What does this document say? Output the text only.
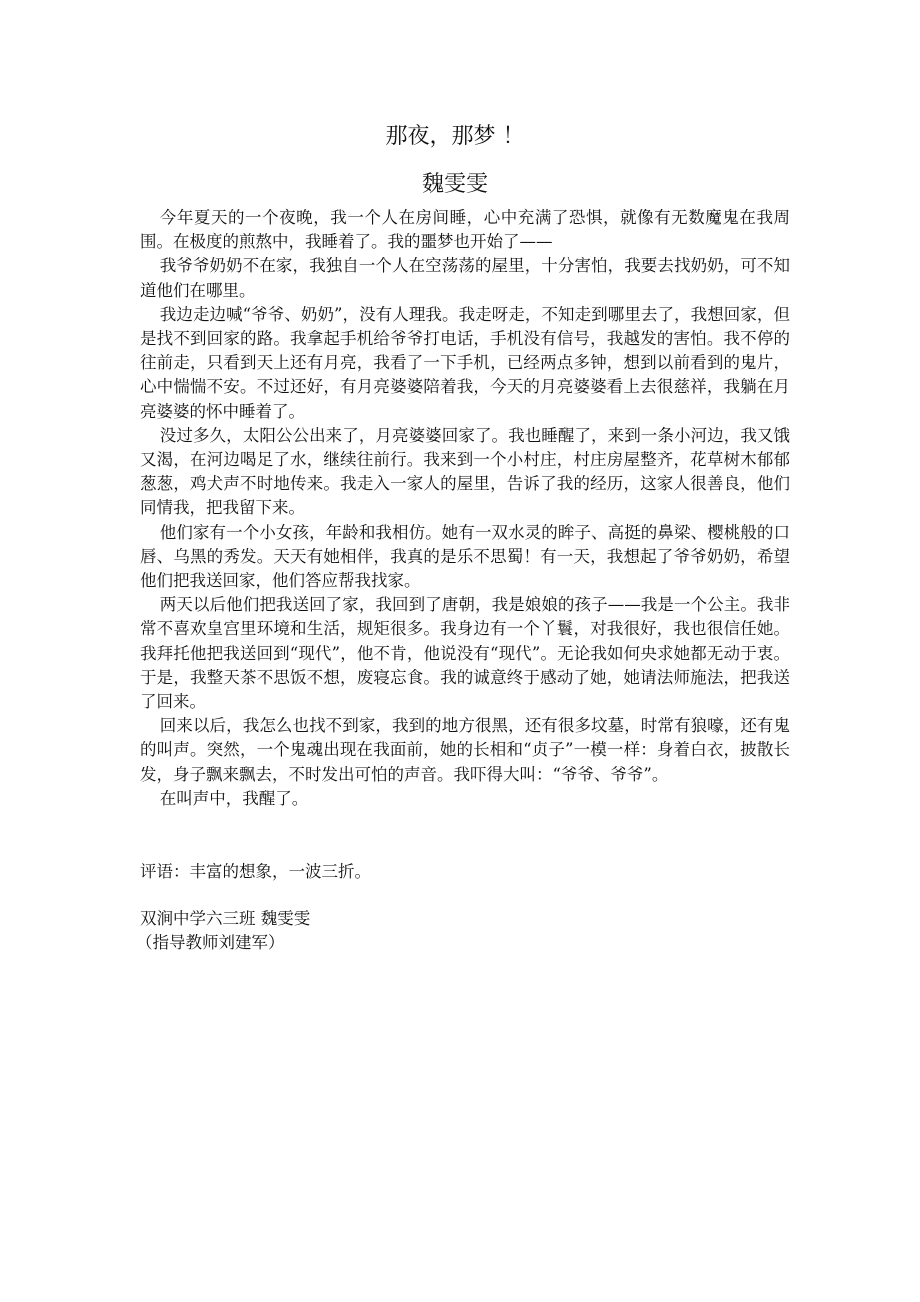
那夜，那梦 ！
魏雯雯

今年夏天的一个夜晚，我一个人在房间睡，心中充满了恐惧，就像有无数魔鬼在我周围。在极度的煎熬中，我睡着了。我的噩梦也开始了——

我爷爷奶奶不在家，我独自一个人在空荡荡的屋里，十分害怕，我要去找奶奶，可不知道他们在哪里。

我边走边喊“爷爷、奶奶”，没有人理我。我走呀走，不知走到哪里去了，我想回家，但是找不到回家的路。我拿起手机给爷爷打电话，手机没有信号，我越发的害怕。我不停的往前走，只看到天上还有月亮，我看了一下手机，已经两点多钟，想到以前看到的鬼片，心中惴惴不安。不过还好，有月亮婆婆陪着我，今天的月亮婆婆看上去很慈祥，我躺在月亮婆婆的怀中睡着了。

没过多久，太阳公公出来了，月亮婆婆回家了。我也睡醒了，来到一条小河边，我又饿又渴，在河边喝足了水，继续往前行。我来到一个小村庄，村庄房屋整齐，花草树木郁郁葱葱，鸡犬声不时地传来。我走入一家人的屋里，告诉了我的经历，这家人很善良，他们同情我，把我留下来。

他们家有一个小女孩，年龄和我相仿。她有一双水灵的眸子、高挺的鼻梁、樱桃般的口唇、乌黑的秀发。天天有她相伴，我真的是乐不思蜀！有一天，我想起了爷爷奶奶，希望他们把我送回家，他们答应帮我找家。

两天以后他们把我送回了家，我回到了唐朝，我是娘娘的孩子——我是一个公主。我非常不喜欢皇宫里环境和生活，规矩很多。我身边有一个丫鬟，对我很好，我也很信任她。我拜托他把我送回到“现代”，他不肯，他说没有“现代”。无论我如何央求她都无动于衷。于是，我整天茶不思饭不想，废寝忘食。我的诚意终于感动了她，她请法师施法，把我送了回来。

回来以后，我怎么也找不到家，我到的地方很黑，还有很多坟墓，时常有狼嚎，还有鬼的叫声。突然，一个鬼魂出现在我面前，她的长相和“贞子”一模一样：身着白衣，披散长发，身子飘来飘去，不时发出可怕的声音。我吓得大叫：“爷爷、爷爷”。

在叫声中，我醒了。

评语：丰富的想象，一波三折。

双涧中学六三班 魏雯雯

（指导教师刘建军）
